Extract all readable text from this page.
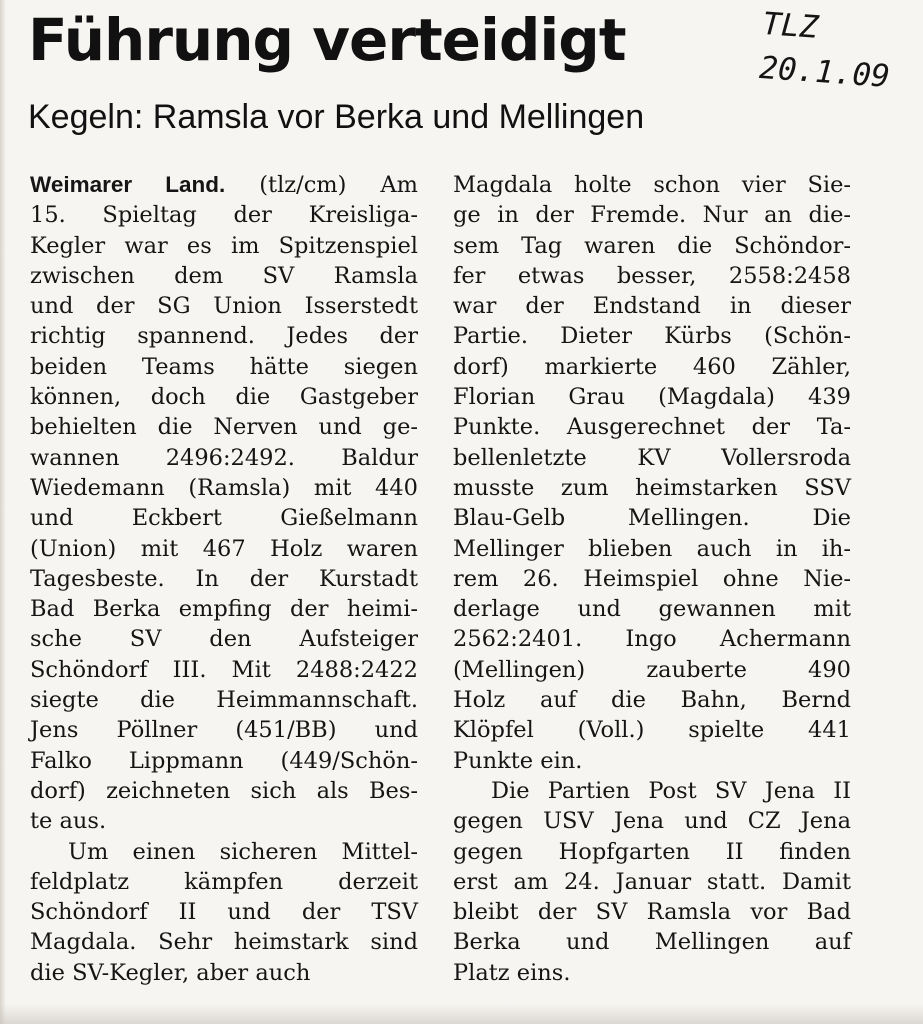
Führung verteidigt	TLZ
20.1.09
Kegeln: Ramsla vor Berka und Mellingen
Weimarer Land. (tlz/cm) Am
15. Spieltag der Kreisliga-
Kegler war es im Spitzenspiel
zwischen dem SV Ramsla
und der SG Union Isserstedt
richtig spannend. Jedes der
beiden Teams hätte siegen
können, doch die Gastgeber
behielten die Nerven und ge-
wannen 2496:2492. Baldur
Wiedemann (Ramsla) mit 440
und Eckbert Gießelmann
(Union) mit 467 Holz waren
Tagesbeste. In der Kurstadt
Bad Berka empfing der heimi-
sche SV den Aufsteiger
Schöndorf III. Mit 2488:2422
siegte die Heimmannschaft.
Jens Pöllner (451/BB) und
Falko Lippmann (449/Schön-
dorf) zeichneten sich als Bes-
te aus.
Um einen sicheren Mittel-
feldplatz kämpfen derzeit
Schöndorf II und der TSV
Magdala. Sehr heimstark sind
die SV-Kegler, aber auch
Magdala holte schon vier Sie-
ge in der Fremde. Nur an die-
sem Tag waren die Schöndor-
fer etwas besser, 2558:2458
war der Endstand in dieser
Partie. Dieter Kürbs (Schön-
dorf) markierte 460 Zähler,
Florian Grau (Magdala) 439
Punkte. Ausgerechnet der Ta-
bellenletzte KV Vollersroda
musste zum heimstarken SSV
Blau-Gelb Mellingen. Die
Mellinger blieben auch in ih-
rem 26. Heimspiel ohne Nie-
derlage und gewannen mit
2562:2401. Ingo Achermann
(Mellingen) zauberte 490
Holz auf die Bahn, Bernd
Klöpfel (Voll.) spielte 441
Punkte ein.
Die Partien Post SV Jena II
gegen USV Jena und CZ Jena
gegen Hopfgarten II finden
erst am 24. Januar statt. Damit
bleibt der SV Ramsla vor Bad
Berka und Mellingen auf
Platz eins.
